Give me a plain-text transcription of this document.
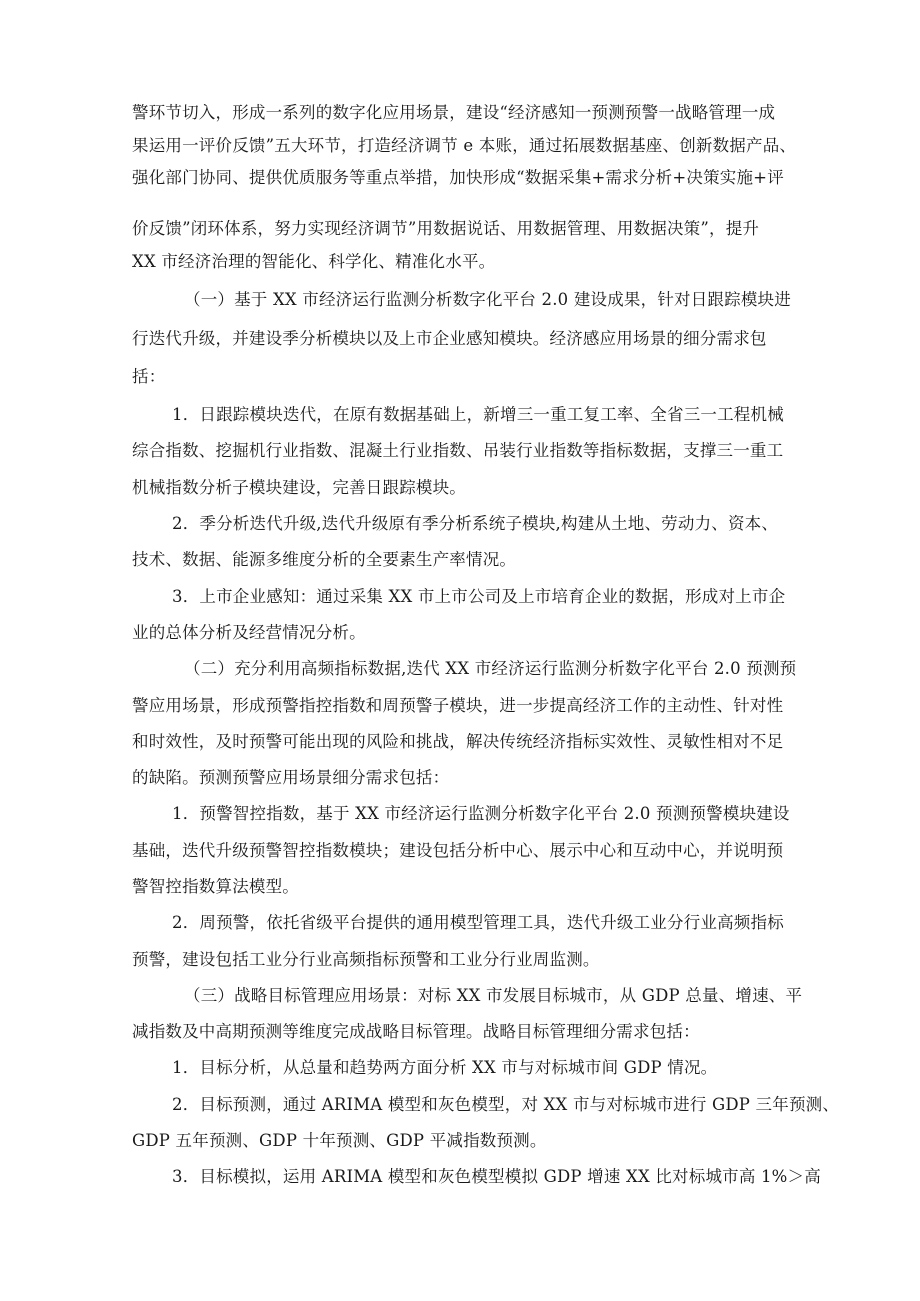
警环节切入，形成一系列的数字化应用场景，建设“经济感知一预测预警一战略管理一成
果运用一评价反馈”五大环节，打造经济调节 e 本账，通过拓展数据基座、创新数据产品、
强化部门协同、提供优质服务等重点举措，加快形成“数据采集+需求分析+决策实施+评
价反馈”闭环体系，努力实现经济调节”用数据说话、用数据管理、用数据决策”，提升
XX 市经济治理的智能化、科学化、精准化水平。
（一）基于 XX 市经济运行监测分析数字化平台 2.0 建设成果，针对日跟踪模块进
行迭代升级，并建设季分析模块以及上市企业感知模块。经济感应用场景的细分需求包
括：
1．日跟踪模块迭代，在原有数据基础上，新增三一重工复工率、全省三一工程机械
综合指数、挖掘机行业指数、混凝土行业指数、吊装行业指数等指标数据，支撑三一重工
机械指数分析子模块建设，完善日跟踪模块。
2．季分析迭代升级,迭代升级原有季分析系统子模块,构建从土地、劳动力、资本、
技术、数据、能源多维度分析的全要素生产率情况。
3．上市企业感知：通过采集 XX 市上市公司及上市培育企业的数据，形成对上市企
业的总体分析及经营情况分析。
（二）充分利用高频指标数据,迭代 XX 市经济运行监测分析数字化平台 2.0 预测预
警应用场景，形成预警指控指数和周预警子模块，进一步提高经济工作的主动性、针对性
和时效性，及时预警可能出现的风险和挑战，解决传统经济指标实效性、灵敏性相对不足
的缺陷。预测预警应用场景细分需求包括：
1．预警智控指数，基于 XX 市经济运行监测分析数字化平台 2.0 预测预警模块建设
基础，迭代升级预警智控指数模块；建设包括分析中心、展示中心和互动中心，并说明预
警智控指数算法模型。
2．周预警，依托省级平台提供的通用模型管理工具，迭代升级工业分行业高频指标
预警，建设包括工业分行业高频指标预警和工业分行业周监测。
（三）战略目标管理应用场景：对标 XX 市发展目标城市，从 GDP 总量、增速、平
减指数及中高期预测等维度完成战略目标管理。战略目标管理细分需求包括：
1．目标分析，从总量和趋势两方面分析 XX 市与对标城市间 GDP 情况。
2．目标预测，通过 ARIMA 模型和灰色模型，对 XX 市与对标城市进行 GDP 三年预测、
GDP 五年预测、GDP 十年预测、GDP 平减指数预测。
3．目标模拟，运用 ARIMA 模型和灰色模型模拟 GDP 增速 XX 比对标城市高 1%＞高
